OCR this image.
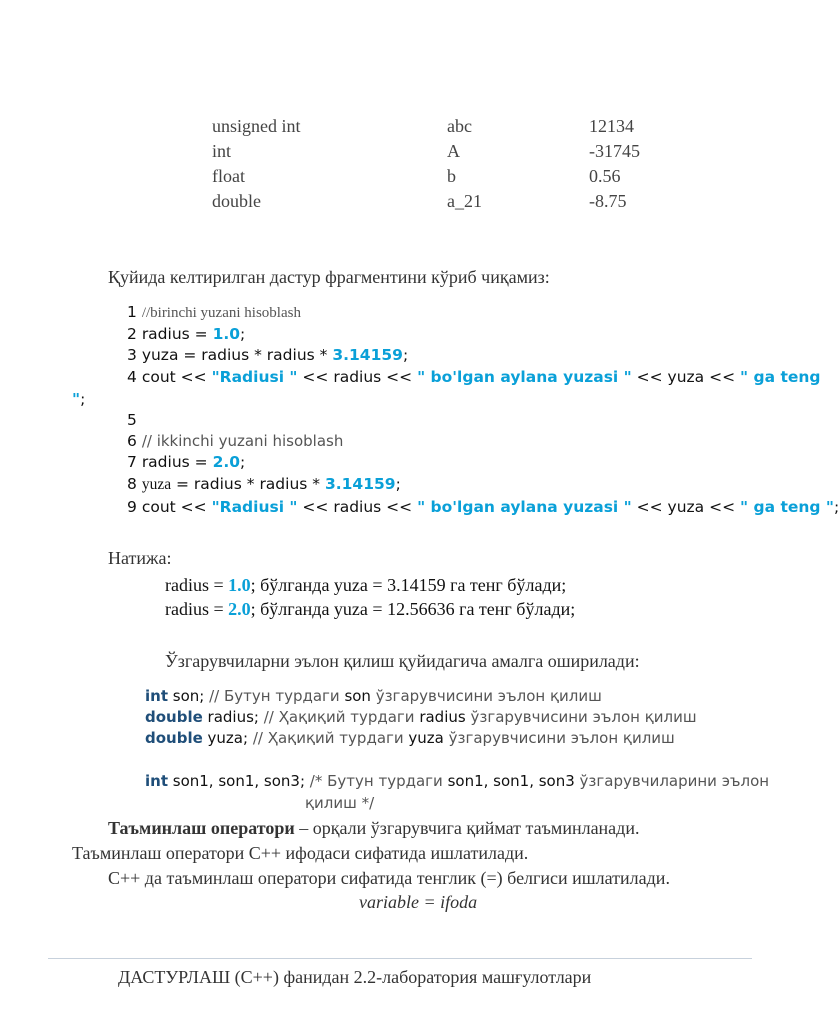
unsigned int	abc	12134
int	A	-31745
float	b	0.56
double	a_21	-8.75
Қуйида келтирилган дастур фрагментини кўриб чиқамиз:
1 //birinchi yuzani hisoblash
2 radius = 1.0;
3 yuza = radius * radius * 3.14159;
4 cout << "Radiusi " << radius << " bo'lgan aylana yuzasi " << yuza << " ga teng
";
5
6 // ikkinchi yuzani hisoblash
7 radius = 2.0;
8 yuza = radius * radius * 3.14159;
9 cout << "Radiusi " << radius << " bo'lgan aylana yuzasi " << yuza << " ga teng ";
Натижа:
radius = 1.0; бўлганда yuza = 3.14159 га тенг бўлади;
radius = 2.0; бўлганда yuza = 12.56636 га тенг бўлади;
Ўзгарувчиларни эълон қилиш қуйидагича амалга оширилади:
int son; // Бутун турдаги son ўзгарувчисини эълон қилиш
double radius; // Ҳақиқий турдаги radius ўзгарувчисини эълон қилиш
double yuza; // Ҳақиқий турдаги yuza ўзгарувчисини эълон қилиш
int son1, son1, son3; /* Бутун турдаги son1, son1, son3 ўзгарувчиларини эълон
қилиш */
Таъминлаш оператори – орқали ўзгарувчига қиймат таъминланади.
Таъминлаш оператори C++ ифодаси сифатида ишлатилади.
C++ да таъминлаш оператори сифатида тенглик (=) белгиси ишлатилади.
variable = ifoda
ДАСТУРЛАШ (C++) фанидан 2.2-лаборатория машғулотлари
